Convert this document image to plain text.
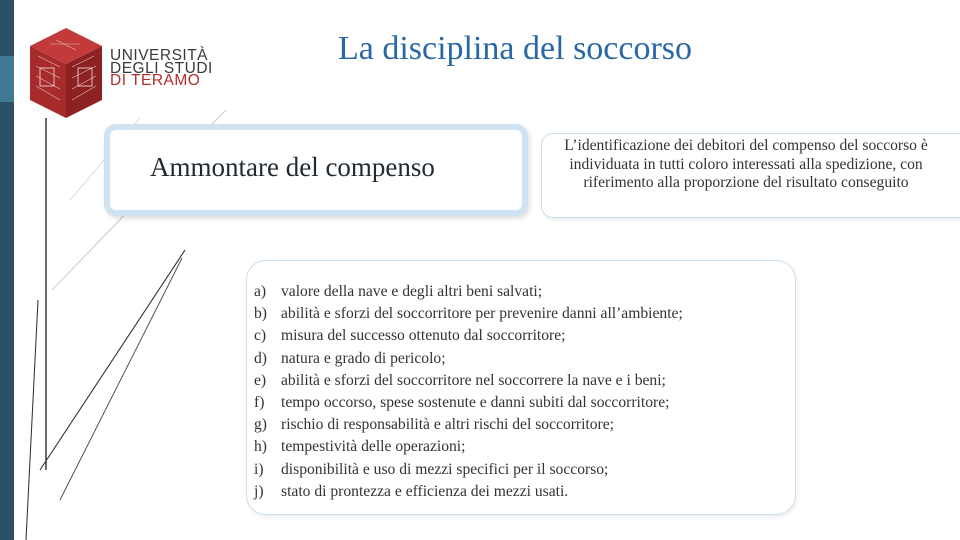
UNIVERSITÀ
DEGLI STUDI
DI TERAMO
La disciplina del soccorso
Ammontare del compenso
L’identificazione dei debitori del compenso del soccorso è individuata in tutti coloro interessati alla spedizione, con riferimento alla proporzione del risultato conseguito
a) valore della nave e degli altri beni salvati;
b) abilità e sforzi del soccorritore per prevenire danni all’ambiente;
c) misura del successo ottenuto dal soccorritore;
d) natura e grado di pericolo;
e) abilità e sforzi del soccorritore nel soccorrere la nave e i beni;
f)	tempo occorso, spese sostenute e danni subiti dal soccorritore;
g) rischio di responsabilità e altri rischi del soccorritore;
h) tempestività delle operazioni;
i)	disponibilità e uso di mezzi specifici per il soccorso;
j)	stato di prontezza e efficienza dei mezzi usati.
